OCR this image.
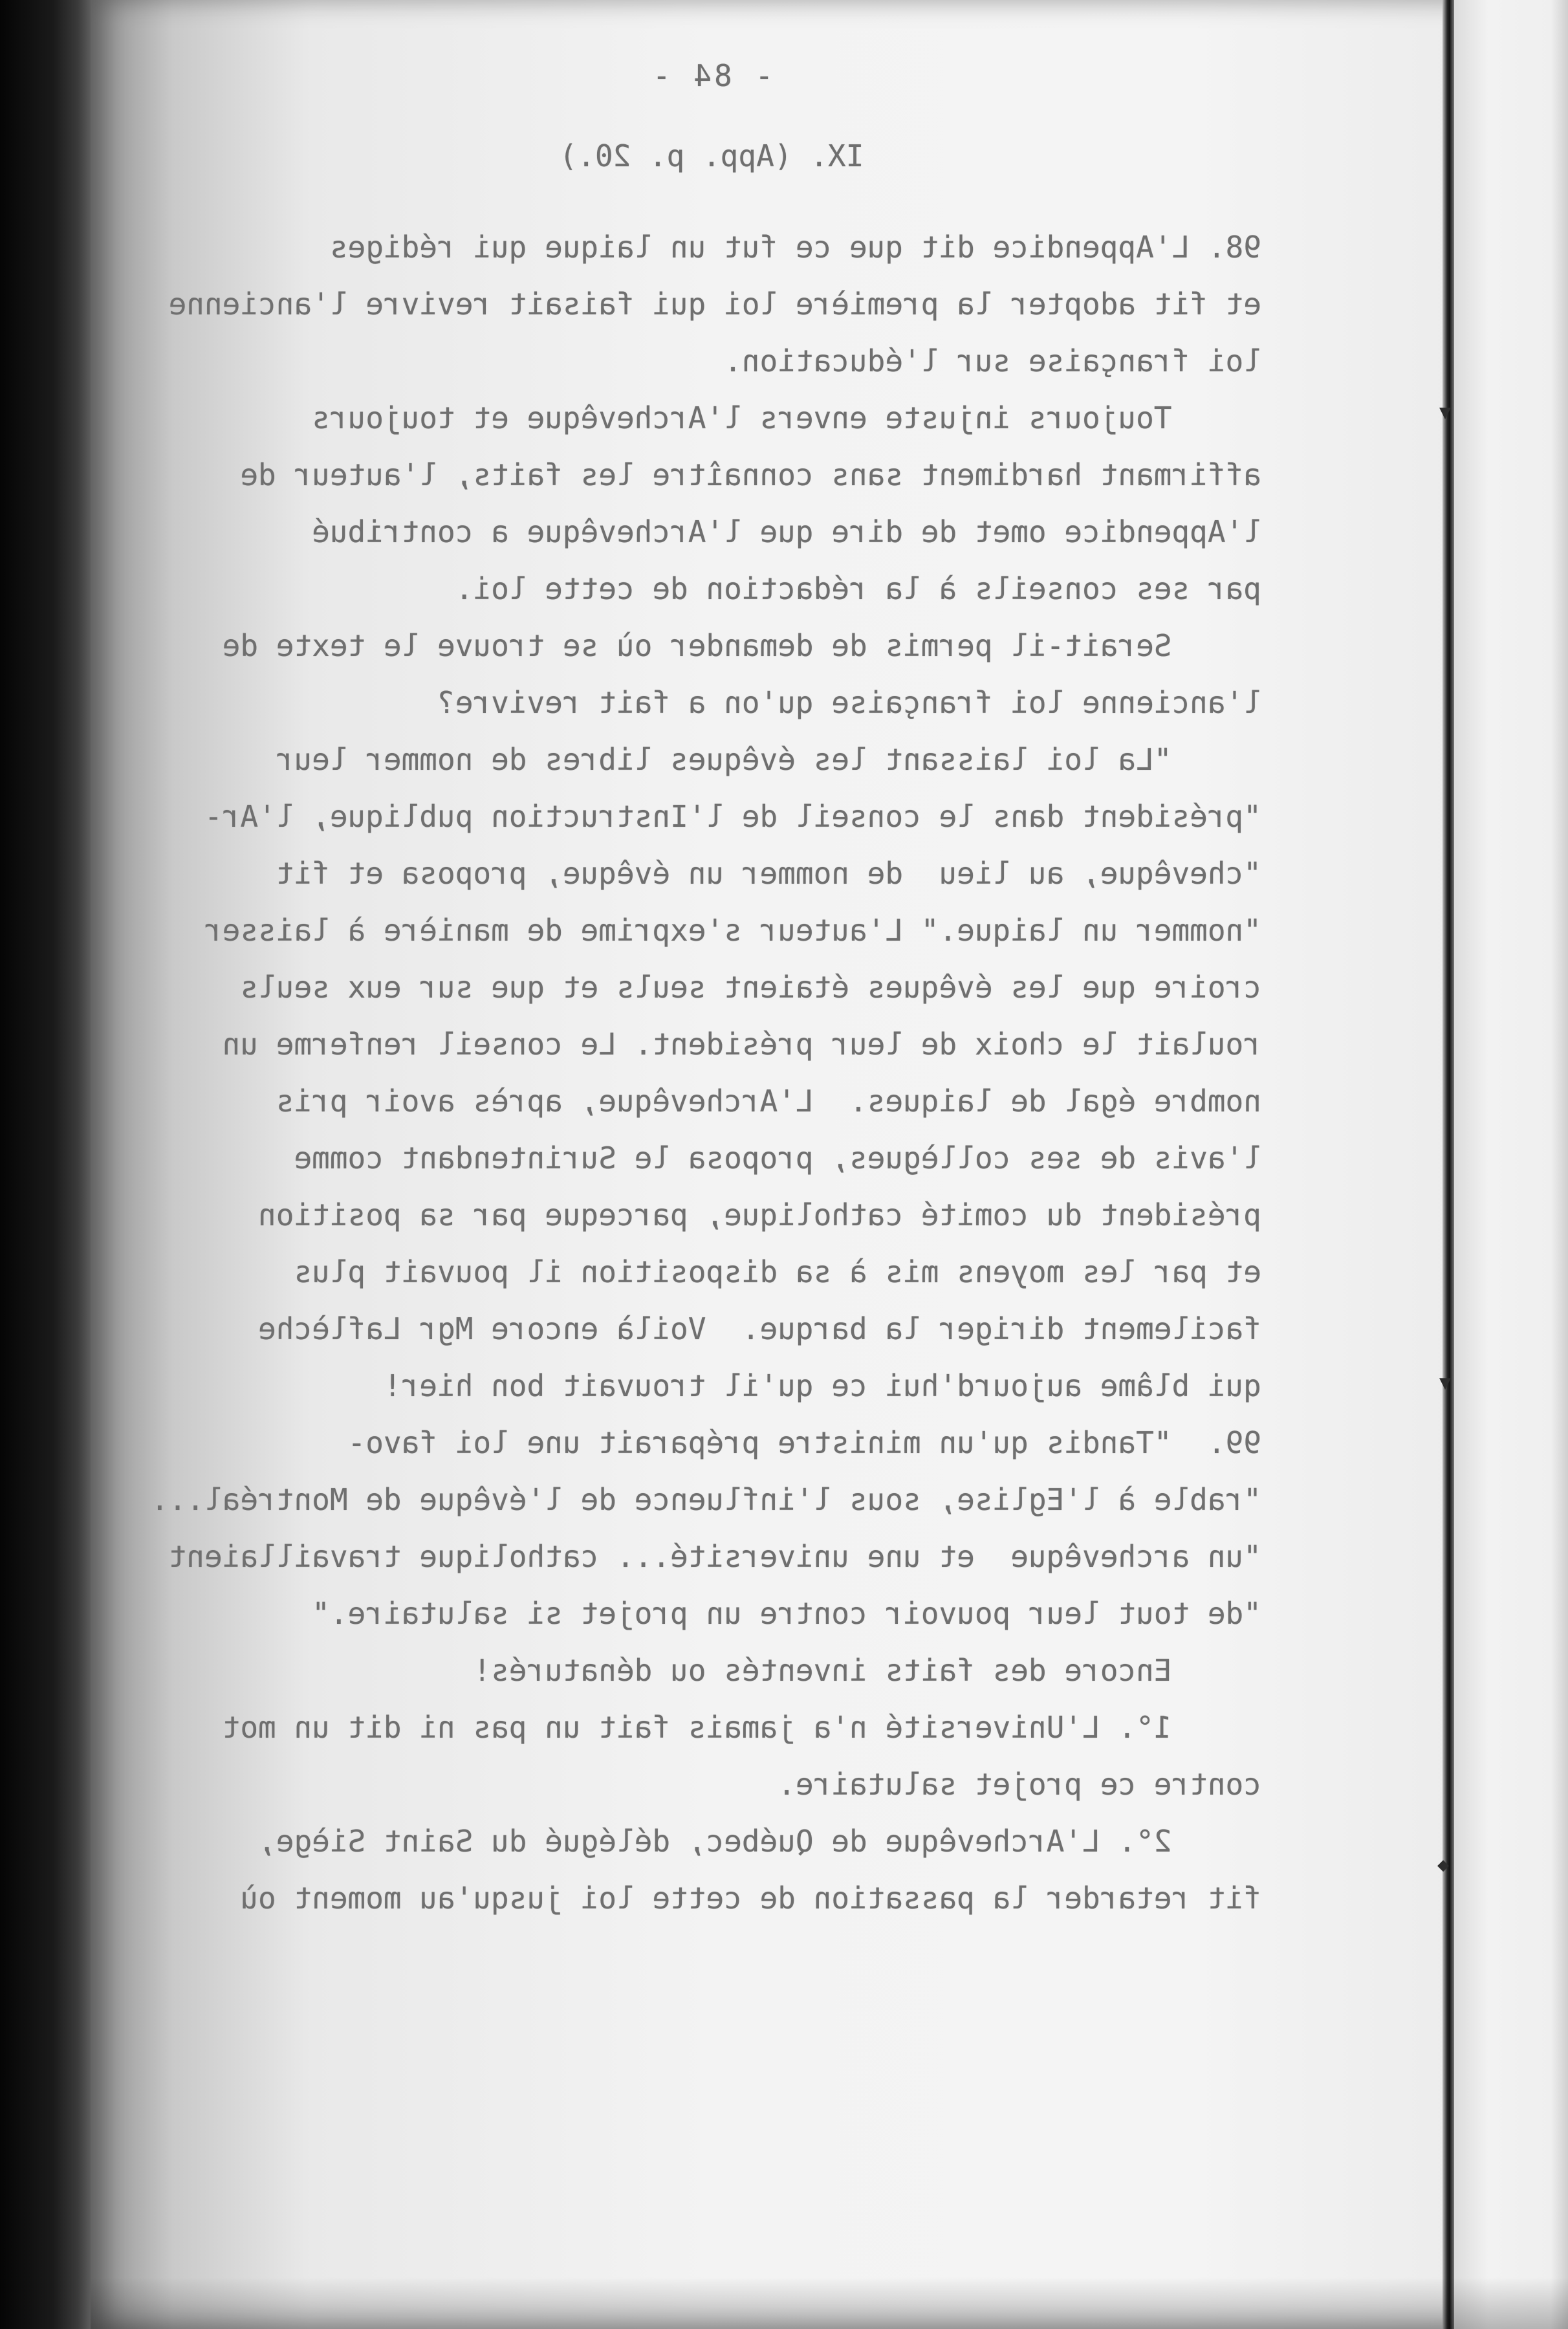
▼
▼
◆
- 84 -
IX. (App. p. 20.)
98. L'Appendice dit que ce fut un laique qui rédiges
et fit adopter la première loi qui faisait revivre l'ancienne
loi française sur l'éducation.
Toujours injuste envers l'Archevêque et toujours
affirmant hardiment sans connaître les faits, l'auteur de
l'Appendice omet de dire que l'Archevêque a contribué
par ses conseils à la rédaction de cette loi.
Serait-il permis de demander où se trouve le texte de
l'ancienne loi française qu'on a fait revivre?
"La loi laissant les évêques libres de nommer leur
"président dans le conseil de l'Instruction publique, l'Ar-
"chevêque, au lieu  de nommer un évêque, proposa et fit
"nommer un laique." L'auteur s'exprime de manière à laisser
croire que les évêques étaient seuls et que sur eux seuls
roulait le choix de leur président. Le conseil renferme un
nombre égal de laiques.  L'Archevêque, après avoir pris
l'avis de ses collègues, proposa le Surintendant comme
président du comité catholique, parceque par sa position
et par les moyens mis à sa disposition il pouvait plus
facilement diriger la barque.  Voilà encore Mgr Laflèche
qui blâme aujourd'hui ce qu'il trouvait bon hier!
99.  "Tandis qu'un ministre préparait une loi favo-
"rable à l'Eglise, sous l'influence de l'évêque de Montréal...
"un archevêque  et une université... catholique travaillaient
"de tout leur pouvoir contre un projet si salutaire."
Encore des faits inventés ou dénaturés!
1°. L'Université n'a jamais fait un pas ni dit un mot
contre ce projet salutaire.
2°. L'Archevêque de Québec, délégué du Saint Siège,
fit retarder la passation de cette loi jusqu'au moment où
